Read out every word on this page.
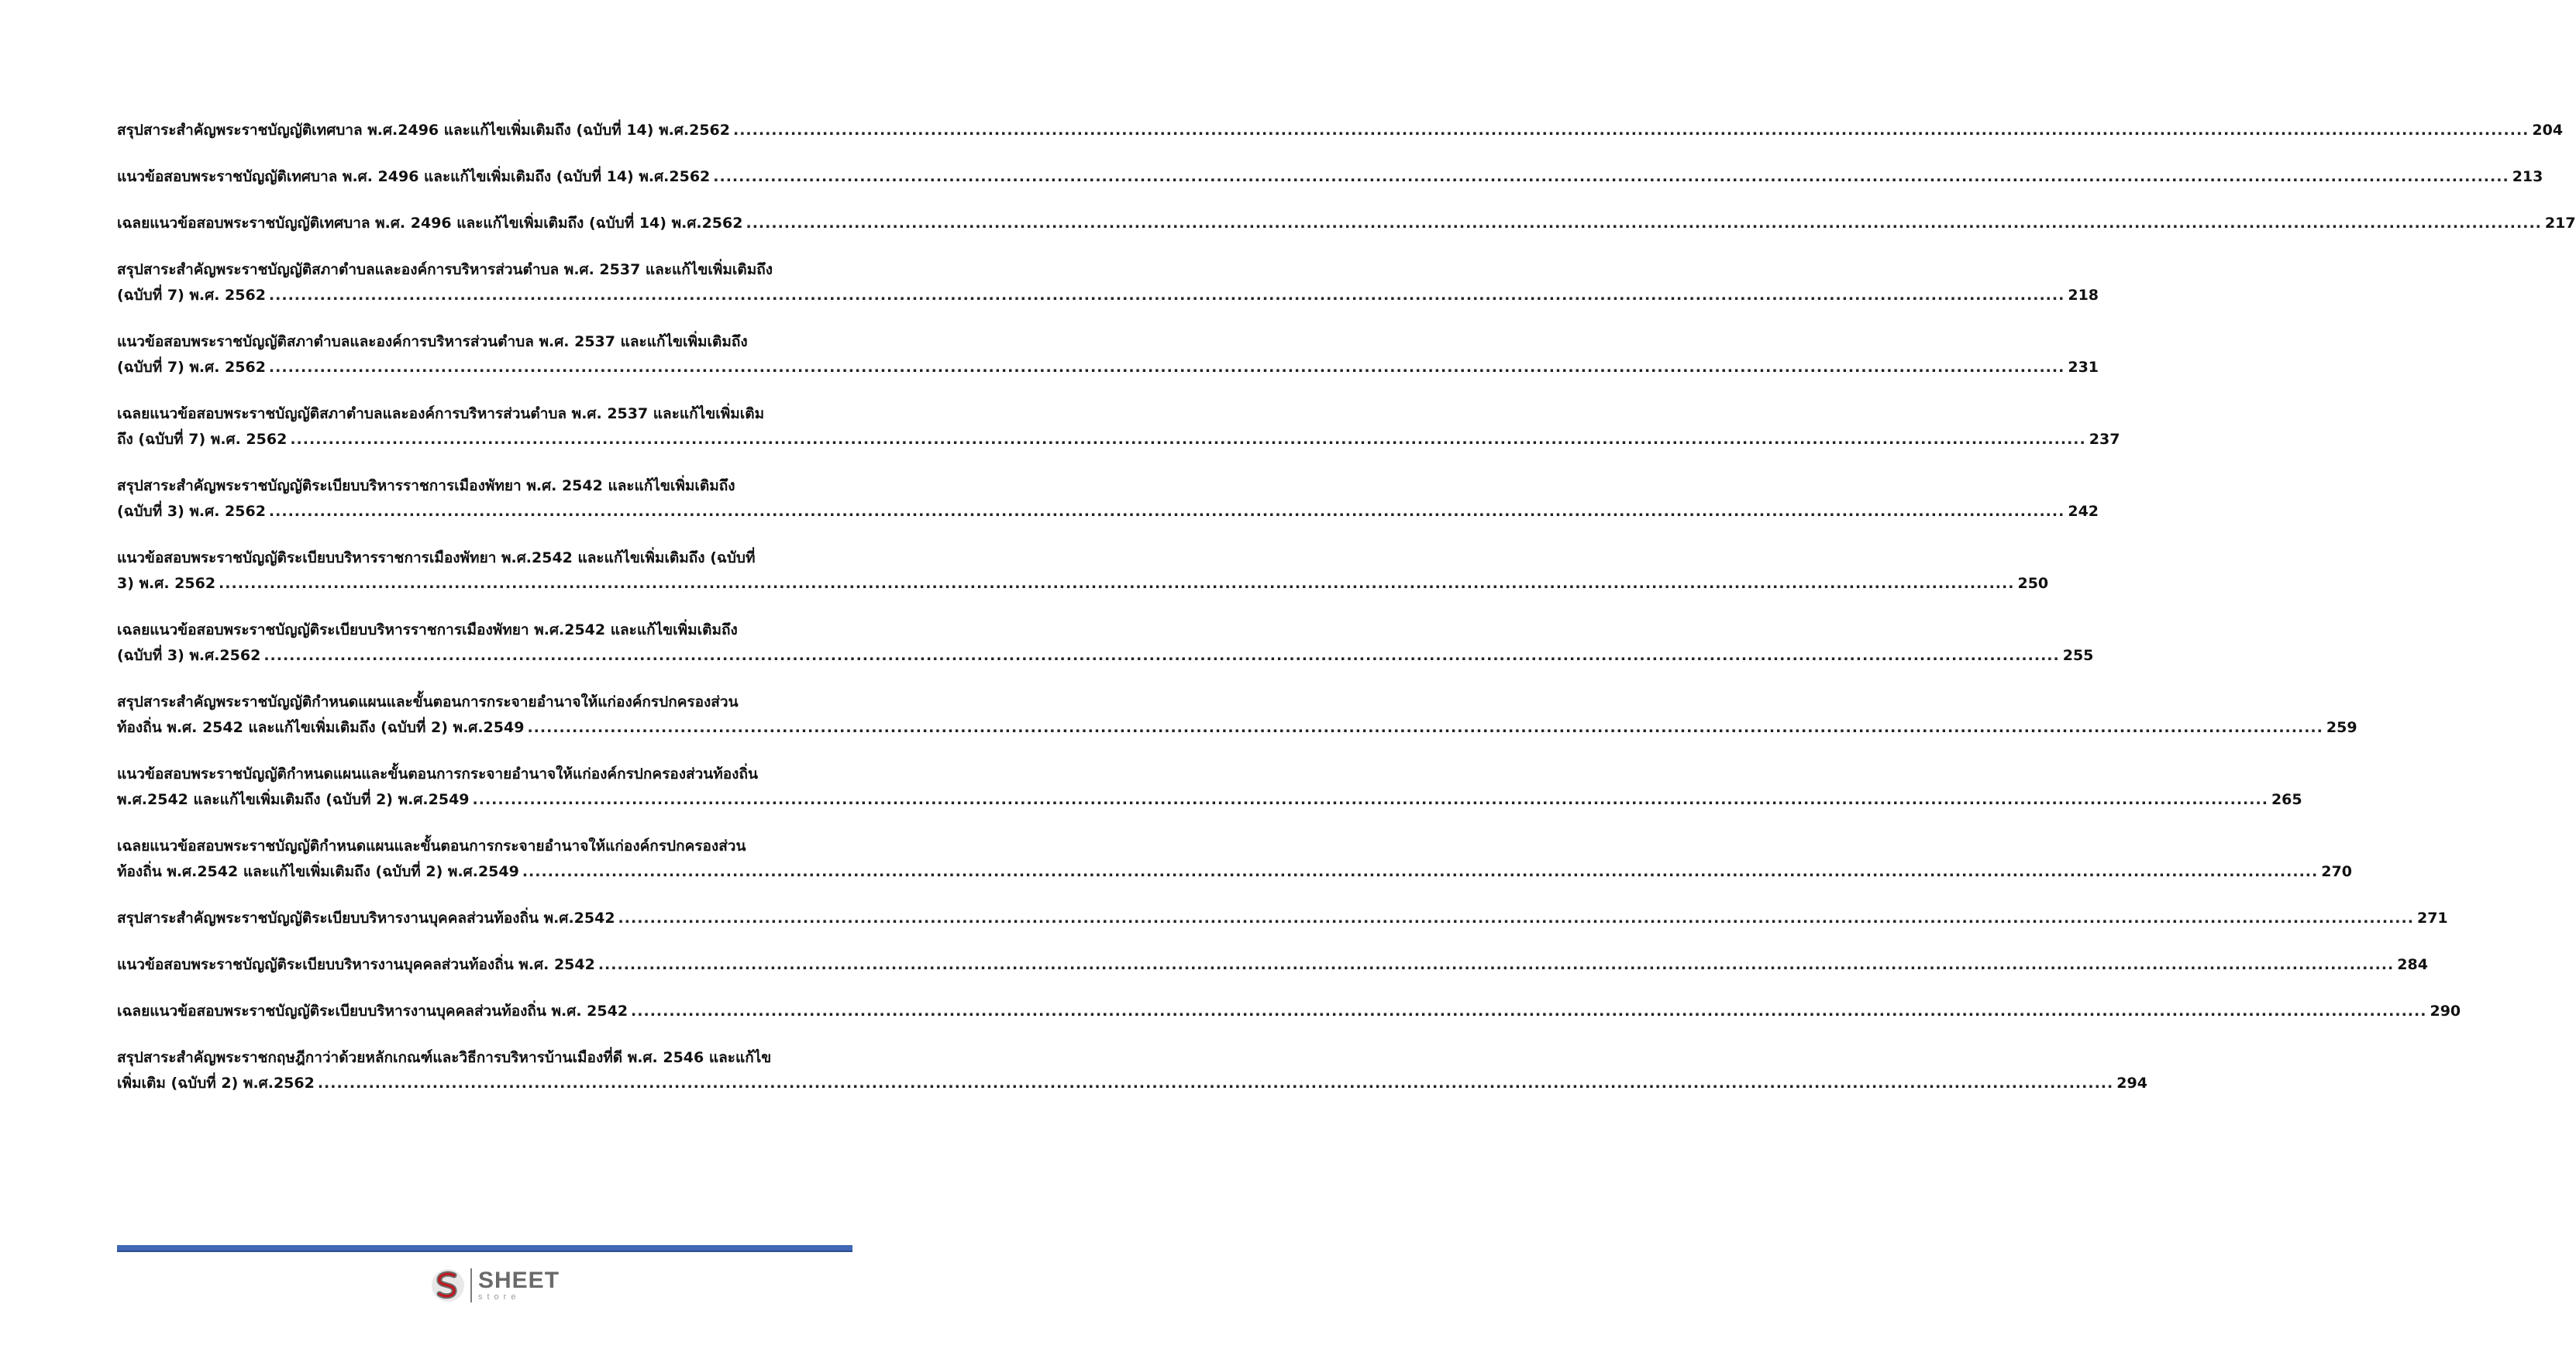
สรุปสาระสำคัญพระราชบัญญัติเทศบาล พ.ศ.2496 และแก้ไขเพิ่มเติมถึง (ฉบับที่ 14) พ.ศ.2562 .....	204
แนวข้อสอบพระราชบัญญัติเทศบาล พ.ศ. 2496 และแก้ไขเพิ่มเติมถึง (ฉบับที่ 14) พ.ศ.2562 .....	213
เฉลยแนวข้อสอบพระราชบัญญัติเทศบาล พ.ศ. 2496 และแก้ไขเพิ่มเติมถึง (ฉบับที่ 14) พ.ศ.2562 .....	217
สรุปสาระสำคัญพระราชบัญญัติสภาตำบลและองค์การบริหารส่วนตำบล พ.ศ. 2537 และแก้ไขเพิ่มเติมถึง
(ฉบับที่ 7) พ.ศ. 2562 .....	218
แนวข้อสอบพระราชบัญญัติสภาตำบลและองค์การบริหารส่วนตำบล พ.ศ. 2537 และแก้ไขเพิ่มเติมถึง
(ฉบับที่ 7) พ.ศ. 2562 .....	231
เฉลยแนวข้อสอบพระราชบัญญัติสภาตำบลและองค์การบริหารส่วนตำบล พ.ศ. 2537 และแก้ไขเพิ่มเติม
ถึง (ฉบับที่ 7) พ.ศ. 2562 .....	237
สรุปสาระสำคัญพระราชบัญญัติระเบียบบริหารราชการเมืองพัทยา พ.ศ. 2542 และแก้ไขเพิ่มเติมถึง
(ฉบับที่ 3) พ.ศ. 2562 .....	242
แนวข้อสอบพระราชบัญญัติระเบียบบริหารราชการเมืองพัทยา พ.ศ.2542 และแก้ไขเพิ่มเติมถึง (ฉบับที่
3) พ.ศ. 2562 .....	250
เฉลยแนวข้อสอบพระราชบัญญัติระเบียบบริหารราชการเมืองพัทยา พ.ศ.2542 และแก้ไขเพิ่มเติมถึง
(ฉบับที่ 3) พ.ศ.2562 .....	255
สรุปสาระสำคัญพระราชบัญญัติกำหนดแผนและขั้นตอนการกระจายอำนาจให้แก่องค์กรปกครองส่วน
ท้องถิ่น พ.ศ. 2542 และแก้ไขเพิ่มเติมถึง (ฉบับที่ 2) พ.ศ.2549 .....	259
แนวข้อสอบพระราชบัญญัติกำหนดแผนและขั้นตอนการกระจายอำนาจให้แก่องค์กรปกครองส่วนท้องถิ่น
พ.ศ.2542 และแก้ไขเพิ่มเติมถึง (ฉบับที่ 2) พ.ศ.2549 .....	265
เฉลยแนวข้อสอบพระราชบัญญัติกำหนดแผนและขั้นตอนการกระจายอำนาจให้แก่องค์กรปกครองส่วน
ท้องถิ่น พ.ศ.2542 และแก้ไขเพิ่มเติมถึง (ฉบับที่ 2) พ.ศ.2549 .....	270
สรุปสาระสำคัญพระราชบัญญัติระเบียบบริหารงานบุคคลส่วนท้องถิ่น พ.ศ.2542 .....	271
แนวข้อสอบพระราชบัญญัติระเบียบบริหารงานบุคคลส่วนท้องถิ่น พ.ศ. 2542 .....	284
เฉลยแนวข้อสอบพระราชบัญญัติระเบียบบริหารงานบุคคลส่วนท้องถิ่น พ.ศ. 2542 .....	290
สรุปสาระสำคัญพระราชกฤษฎีกาว่าด้วยหลักเกณฑ์และวิธีการบริหารบ้านเมืองที่ดี พ.ศ. 2546 และแก้ไข
เพิ่มเติม (ฉบับที่ 2) พ.ศ.2562 .....	294
SHEET
store
